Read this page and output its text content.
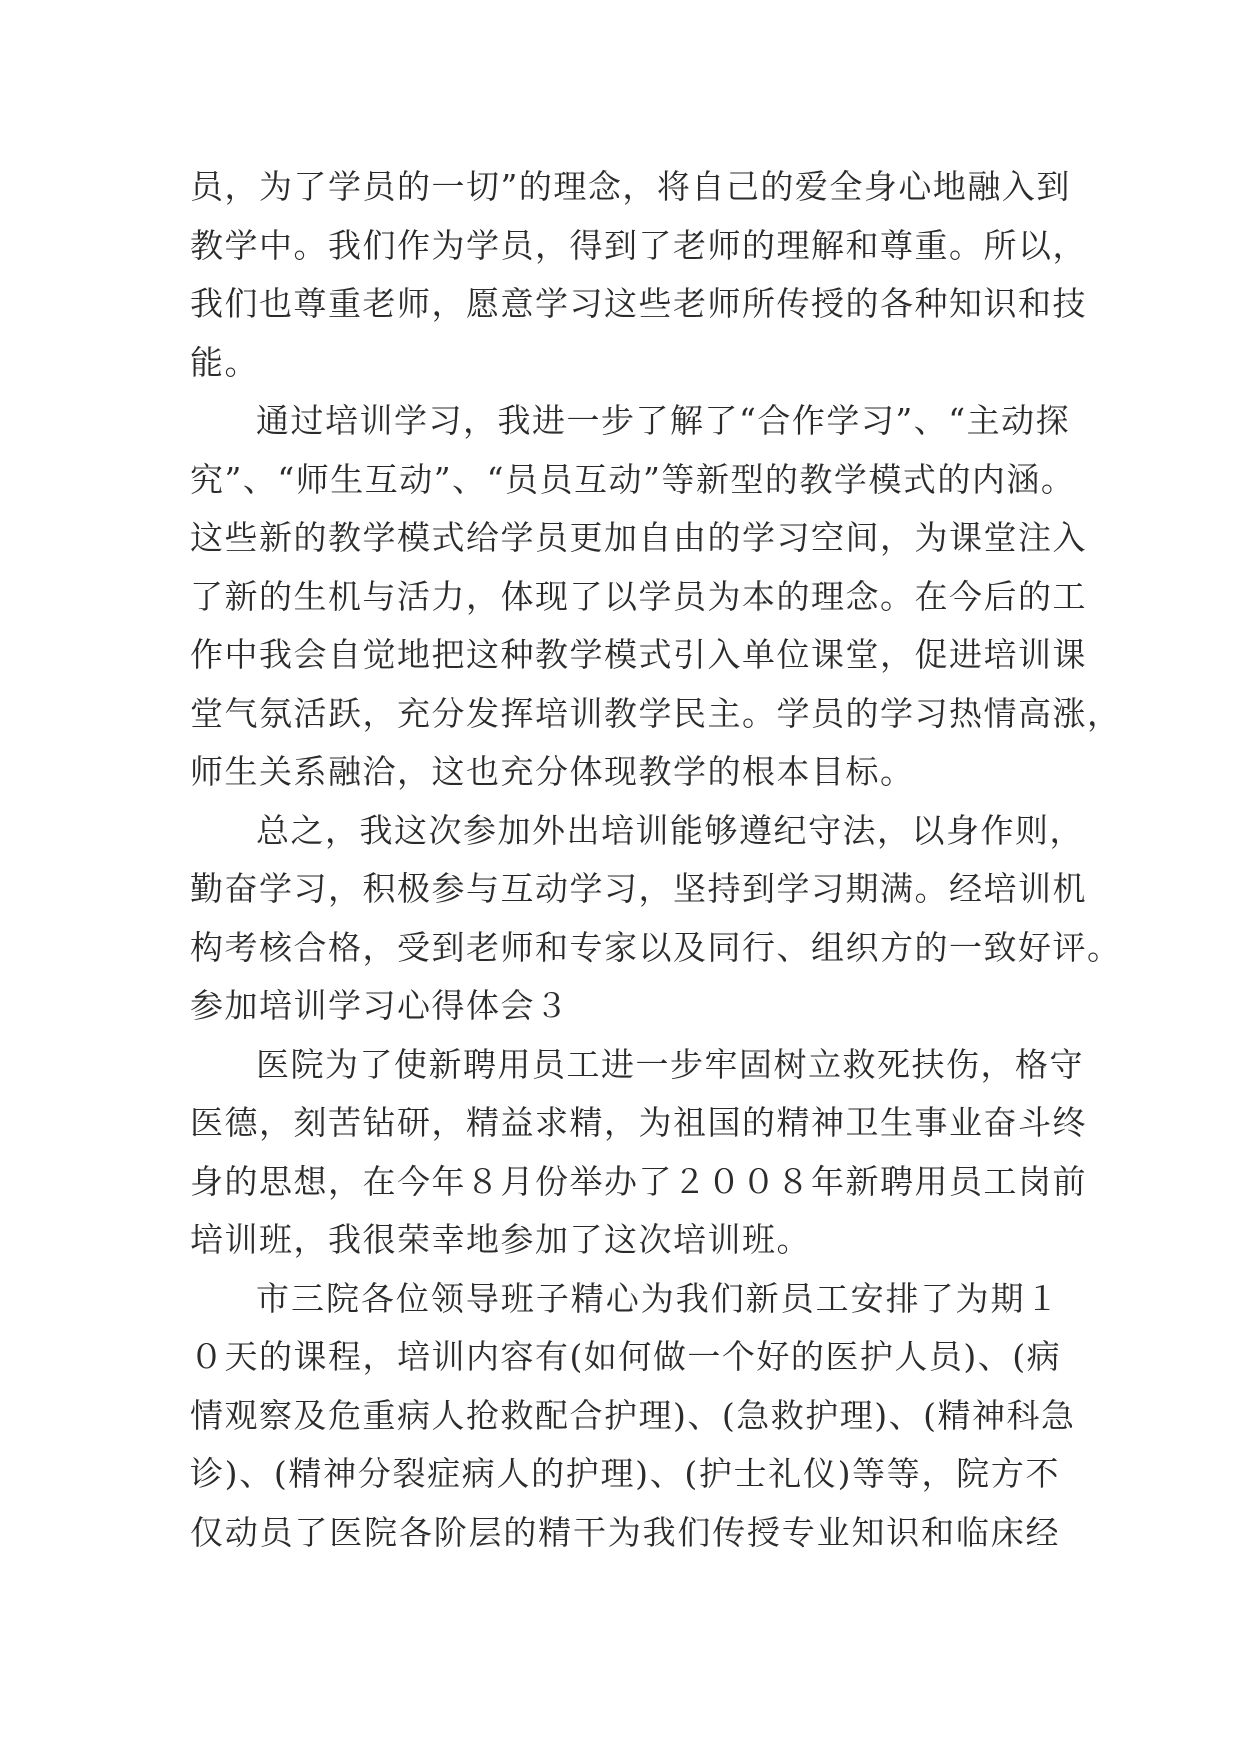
员，为了学员的一切”的理念，将自己的爱全身心地融入到
教学中。我们作为学员，得到了老师的理解和尊重。所以，
我们也尊重老师，愿意学习这些老师所传授的各种知识和技
能。
通过培训学习，我进一步了解了“合作学习”、“主动探
究”、“师生互动”、“员员互动”等新型的教学模式的内涵。
这些新的教学模式给学员更加自由的学习空间，为课堂注入
了新的生机与活力，体现了以学员为本的理念。在今后的工
作中我会自觉地把这种教学模式引入单位课堂，促进培训课
堂气氛活跃，充分发挥培训教学民主。学员的学习热情高涨，
师生关系融洽，这也充分体现教学的根本目标。
总之，我这次参加外出培训能够遵纪守法，以身作则，
勤奋学习，积极参与互动学习，坚持到学习期满。经培训机
构考核合格，受到老师和专家以及同行、组织方的一致好评。
参加培训学习心得体会３
医院为了使新聘用员工进一步牢固树立救死扶伤，格守
医德，刻苦钻研，精益求精，为祖国的精神卫生事业奋斗终
身的思想，在今年８月份举办了２００８年新聘用员工岗前
培训班，我很荣幸地参加了这次培训班。
市三院各位领导班子精心为我们新员工安排了为期１
０天的课程，培训内容有(如何做一个好的医护人员)、(病
情观察及危重病人抢救配合护理)、(急救护理)、(精神科急
诊)、(精神分裂症病人的护理)、(护士礼仪)等等，院方不
仅动员了医院各阶层的精干为我们传授专业知识和临床经
